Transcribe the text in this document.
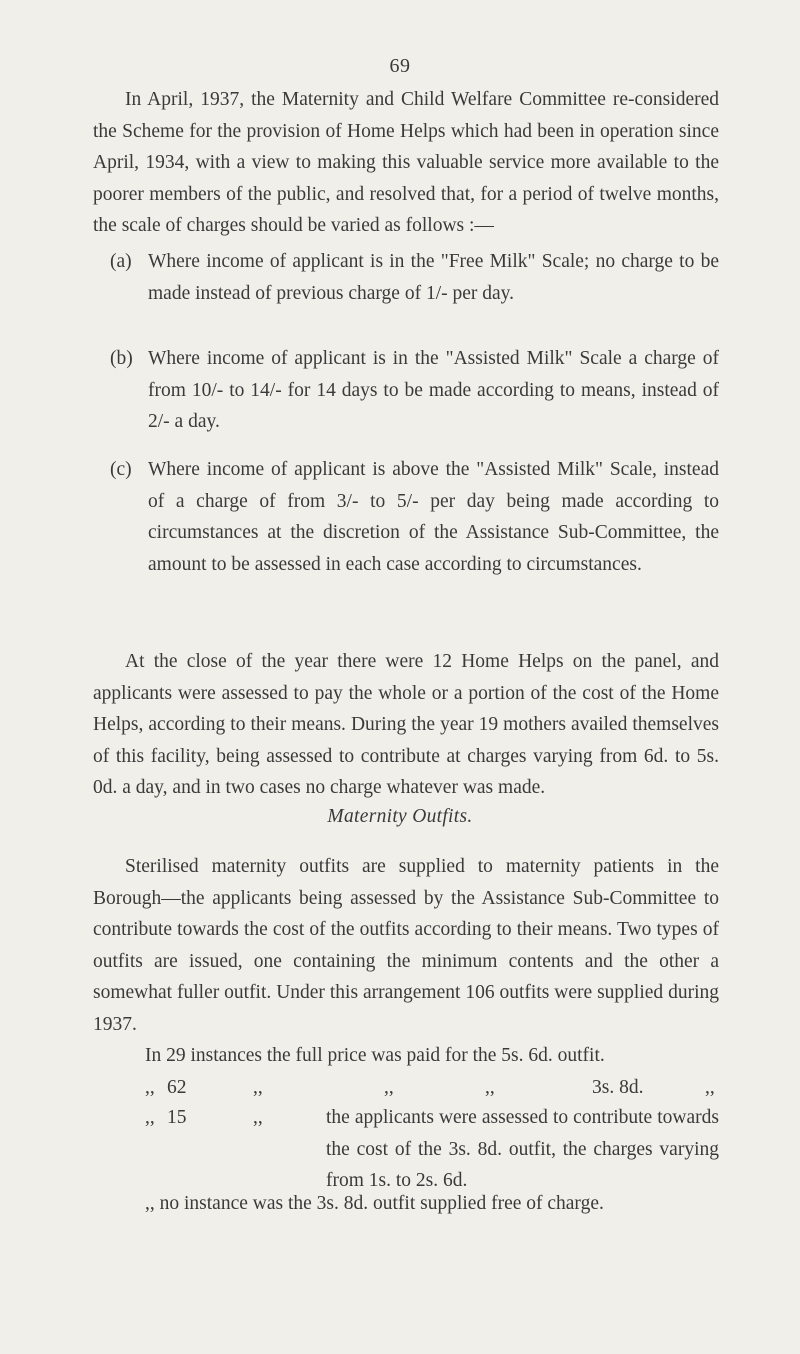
69

In April, 1937, the Maternity and Child Welfare Committee re-considered the Scheme for the provision of Home Helps which had been in operation since April, 1934, with a view to making this valuable service more available to the poorer members of the public, and resolved that, for a period of twelve months, the scale of charges should be varied as follows :—

(a) Where income of applicant is in the "Free Milk" Scale; no charge to be made instead of previous charge of 1/- per day.
(b) Where income of applicant is in the "Assisted Milk" Scale a charge of from 10/- to 14/- for 14 days to be made according to means, instead of 2/- a day.
(c) Where income of applicant is above the "Assisted Milk" Scale, instead of a charge of from 3/- to 5/- per day being made according to circumstances at the discretion of the Assistance Sub-Committee, the amount to be assessed in each case according to circumstances.

At the close of the year there were 12 Home Helps on the panel, and applicants were assessed to pay the whole or a portion of the cost of the Home Helps, according to their means. During the year 19 mothers availed themselves of this facility, being assessed to contribute at charges varying from 6d. to 5s. 0d. a day, and in two cases no charge whatever was made.

Maternity Outfits.

Sterilised maternity outfits are supplied to maternity patients in the Borough—the applicants being assessed by the Assistance Sub-Committee to contribute towards the cost of the outfits according to their means. Two types of outfits are issued, one containing the minimum contents and the other a somewhat fuller outfit. Under this arrangement 106 outfits were supplied during 1937.

In 29 instances the full price was paid for the 5s. 6d. outfit.
,, 62	,,	,,	,,	3s. 8d.	,,
,, 15	,,	the applicants were assessed to contribute towards the cost of the 3s. 8d. outfit, the charges varying from 1s. to 2s. 6d.
,, no instance was the 3s. 8d. outfit supplied free of charge.
